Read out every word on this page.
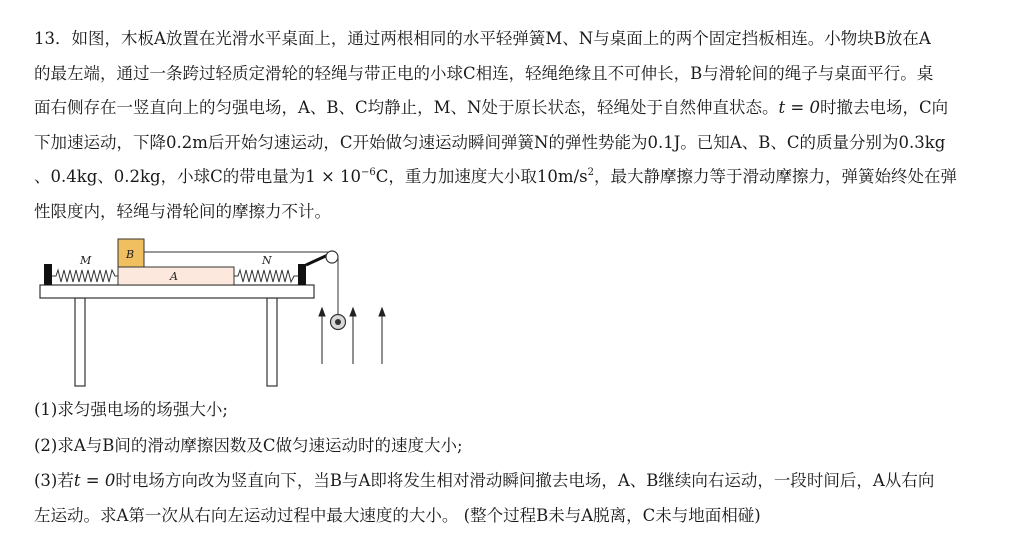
13．如图，木板A放置在光滑水平桌面上，通过两根相同的水平轻弹簧M、N与桌面上的两个固定挡板相连。小物块B放在A
的最左端，通过一条跨过轻质定滑轮的轻绳与带正电的小球C相连，轻绳绝缘且不可伸长，B与滑轮间的绳子与桌面平行。桌
面右侧存在一竖直向上的匀强电场，A、B、C均静止，M、N处于原长状态，轻绳处于自然伸直状态。t = 0时撤去电场，C向
下加速运动，下降0.2m后开始匀速运动，C开始做匀速运动瞬间弹簧N的弹性势能为0.1J。已知A、B、C的质量分别为0.3kg
、0.4kg、0.2kg，小球C的带电量为$1 \times 10^{-6}C$，重力加速度大小取$10m/s^2$，最大静摩擦力等于滑动摩擦力，弹簧始终处在弹
性限度内，轻绳与滑轮间的摩擦力不计。
M
A
B	N
(1)求匀强电场的场强大小;
(2)求A与B间的滑动摩擦因数及C做匀速运动时的速度大小;
(3)若t = 0时电场方向改为竖直向下，当B与A即将发生相对滑动瞬间撤去电场，A、B继续向右运动，一段时间后，A从右向
左运动。求A第一次从右向左运动过程中最大速度的大小。 (整个过程B未与A脱离，C未与地面相碰)
